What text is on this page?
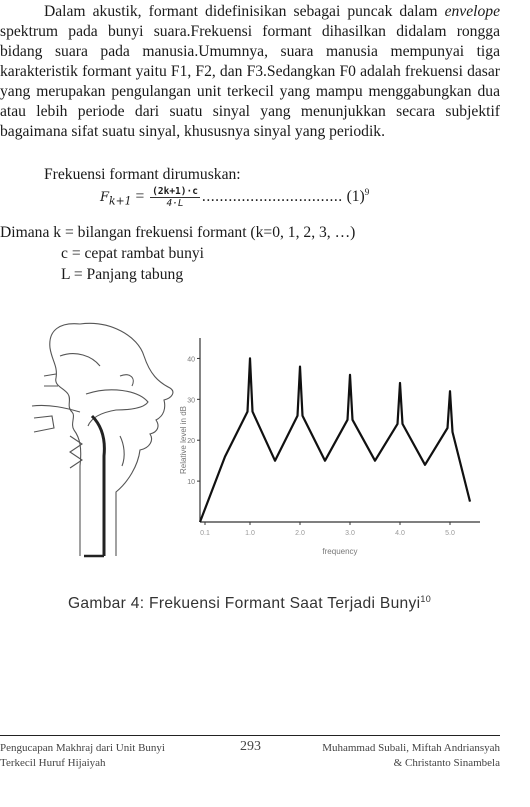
Dalam akustik, formant didefinisikan sebagai puncak dalam envelope spektrum pada bunyi suara.Frekuensi formant dihasilkan didalam rongga bidang suara pada manusia.Umumnya, suara manusia mempunyai tiga karakteristik formant yaitu F1, F2, dan F3.Sedangkan F0 adalah frekuensi dasar yang merupakan pengulangan unit terkecil yang mampu menggabungkan dua atau lebih periode dari suatu sinyal yang menunjukkan secara subjektif bagaimana sifat suatu sinyal, khususnya sinyal yang periodik.

Frekuensi formant dirumuskan:
$F_{k+1} = \frac{(2k+1)\cdot c}{4\cdot L}$ ................................ $(1)^9$
Dimana k = bilangan frekuensi formant (k=0, 1, 2, 3, …)
c = cepat rambat bunyi
L = Panjang tabung
40
30
20
10
0.1	1.0	2.0	3.0	4.0	5.0
Relative level in dB
frequency
Gambar 4: Frekuensi Formant Saat Terjadi Bunyi$^{10}$
Pengucapan Makhraj dari Unit Bunyi
Terkecil Huruf Hijaiyah
293	Muhammad Subali, Miftah Andriansyah
& Christanto Sinambela
